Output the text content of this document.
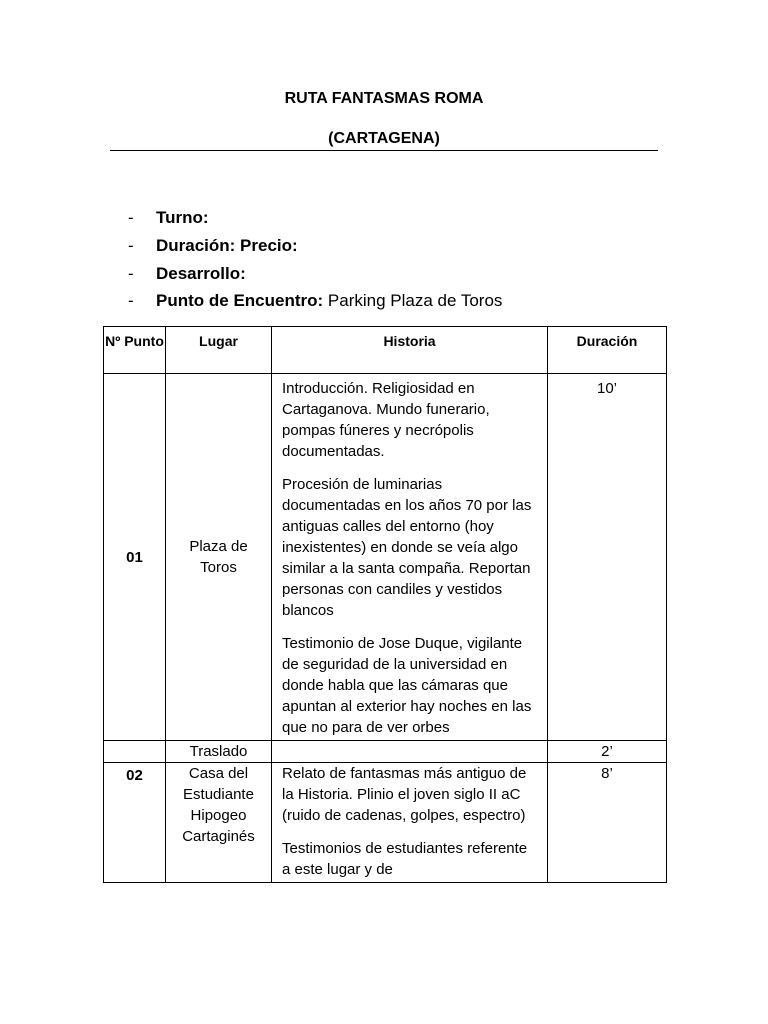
RUTA FANTASMAS ROMA
(CARTAGENA)
- Turno:
- Duración: Precio:
- Desarrollo:
- Punto de Encuentro: Parking Plaza de Toros
Nº Punto	Lugar	Historia	Duración
01	Plaza de Toros	Introducción. Religiosidad en Cartaganova. Mundo funerario, pompas fúneres y necrópolis documentadas.

Procesión de luminarias documentadas en los años 70 por las antiguas calles del entorno (hoy inexistentes) en donde se veía algo similar a la santa compaña. Reportan personas con candiles y vestidos blancos

Testimonio de Jose Duque, vigilante de seguridad de la universidad en donde habla que las cámaras que apuntan al exterior hay noches en las que no para de ver orbes	10’
	Traslado		2’
02	Casa del Estudiante Hipogeo Cartaginés	Relato de fantasmas más antiguo de la Historia. Plinio el joven siglo II aC (ruido de cadenas, golpes, espectro)

Testimonios de estudiantes referente a este lugar y de	8’
